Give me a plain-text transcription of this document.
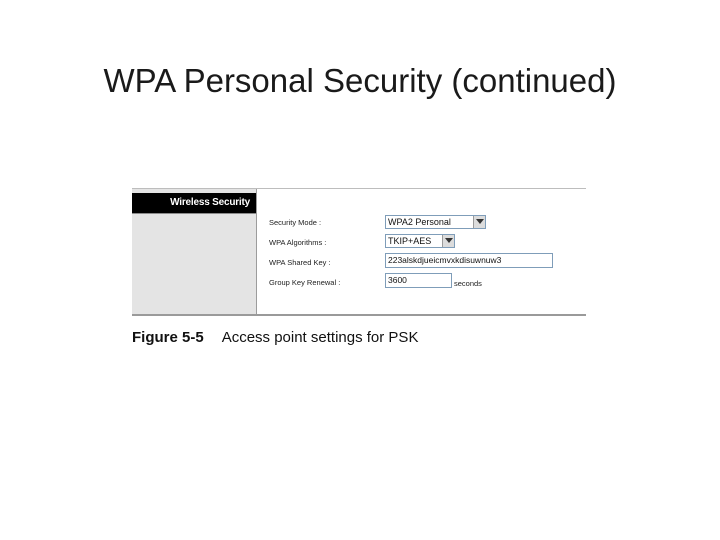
WPA Personal Security (continued)
Wireless Security
Security Mode :	WPA2 Personal
WPA Algorithms :	TKIP+AES
WPA Shared Key :	223alskdjueicmvxkdisuwnuw3
Group Key Renewal :	3600	seconds
Figure 5-5 Access point settings for PSK
